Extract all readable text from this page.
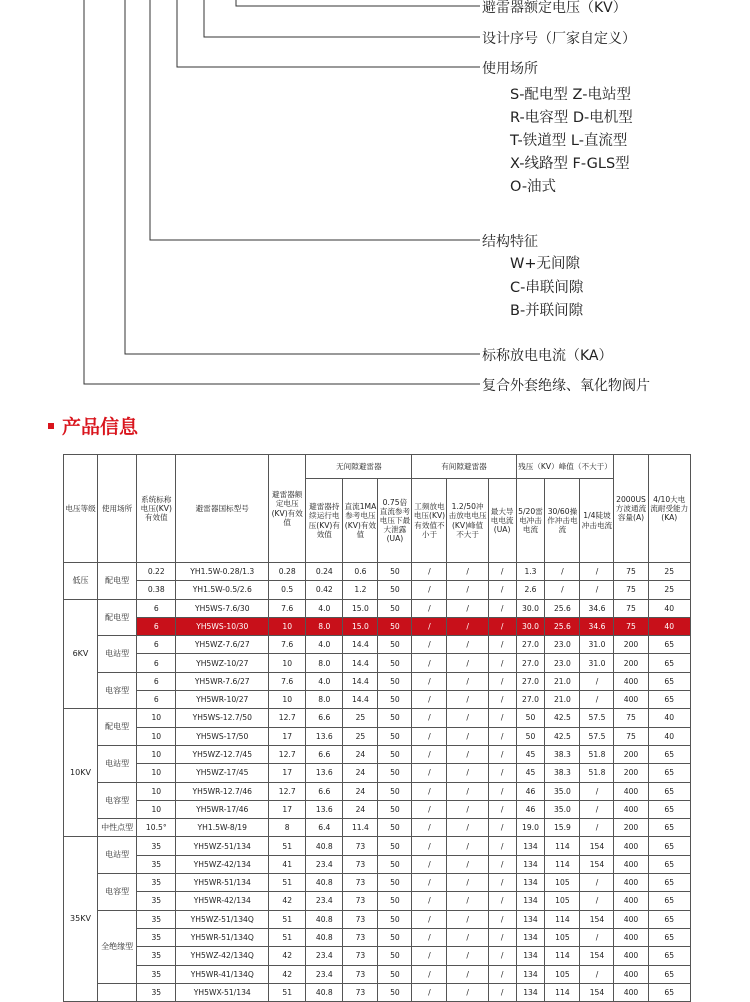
避雷器额定电压（KV）
设计序号（厂家自定义）
使用场所
S-配电型 Z-电站型
R-电容型 D-电机型
T-铁道型 L-直流型
X-线路型 F-GLS型
O-油式
结构特征
W+无间隙
C-串联间隙
B-并联间隙
标称放电电流（KA）
复合外套绝缘、氧化物阀片
产品信息
电压等级	使用场所	系统标称电压(KV)有效值	避雷器国标型号	避雷器额定电压(KV)有效值	无间隙避雷器			有间隙避雷器			残压（KV）峰值（不大于）			2000US方波通流容量(A)	4/10大电流耐受能力(KA)
					避雷器持续运行电压(KV)有效值	直流1MA参考电压(KV)有效值	0.75倍直流参考电压下最大泄露(UA)	工频放电电压(KV)有效值不小于	1.2/50冲击放电电压(KV)峰值不大于	最大导电电流(UA)	5/20雷电冲击电流	30/60操作冲击电流	1/4陡坡冲击电流		
低压	配电型	0.22	YH1.5W-0.28/1.3	0.28	0.24	0.6	50	/	/	/	1.3	/	/	75	25
		0.38	YH1.5W-0.5/2.6	0.5	0.42	1.2	50	/	/	/	2.6	/	/	75	25
6KV	配电型	6	YH5WS-7.6/30	7.6	4.0	15.0	50	/	/	/	30.0	25.6	34.6	75	40
		6	YH5WS-10/30	10	8.0	15.0	50	/	/	/	30.0	25.6	34.6	75	40
	电站型	6	YH5WZ-7.6/27	7.6	4.0	14.4	50	/	/	/	27.0	23.0	31.0	200	65
		6	YH5WZ-10/27	10	8.0	14.4	50	/	/	/	27.0	23.0	31.0	200	65
	电容型	6	YH5WR-7.6/27	7.6	4.0	14.4	50	/	/	/	27.0	21.0	/	400	65
		6	YH5WR-10/27	10	8.0	14.4	50	/	/	/	27.0	21.0	/	400	65
10KV	配电型	10	YH5WS-12.7/50	12.7	6.6	25	50	/	/	/	50	42.5	57.5	75	40
		10	YH5WS-17/50	17	13.6	25	50	/	/	/	50	42.5	57.5	75	40
	电站型	10	YH5WZ-12.7/45	12.7	6.6	24	50	/	/	/	45	38.3	51.8	200	65
		10	YH5WZ-17/45	17	13.6	24	50	/	/	/	45	38.3	51.8	200	65
	电容型	10	YH5WR-12.7/46	12.7	6.6	24	50	/	/	/	46	35.0	/	400	65
		10	YH5WR-17/46	17	13.6	24	50	/	/	/	46	35.0	/	400	65
	中性点型	10.5°	YH1.5W-8/19	8	6.4	11.4	50	/	/	/	19.0	15.9	/	200	65
35KV	电站型	35	YH5WZ-51/134	51	40.8	73	50	/	/	/	134	114	154	400	65
		35	YH5WZ-42/134	41	23.4	73	50	/	/	/	134	114	154	400	65
	电容型	35	YH5WR-51/134	51	40.8	73	50	/	/	/	134	105	/	400	65
		35	YH5WR-42/134	42	23.4	73	50	/	/	/	134	105	/	400	65
	全绝缘型	35	YH5WZ-51/134Q	51	40.8	73	50	/	/	/	134	114	154	400	65
		35	YH5WR-51/134Q	51	40.8	73	50	/	/	/	134	105	/	400	65
		35	YH5WZ-42/134Q	42	23.4	73	50	/	/	/	134	114	154	400	65
		35	YH5WR-41/134Q	42	23.4	73	50	/	/	/	134	105	/	400	65
		35	YH5WX-51/134	51	40.8	73	50	/	/	/	134	114	154	400	65
